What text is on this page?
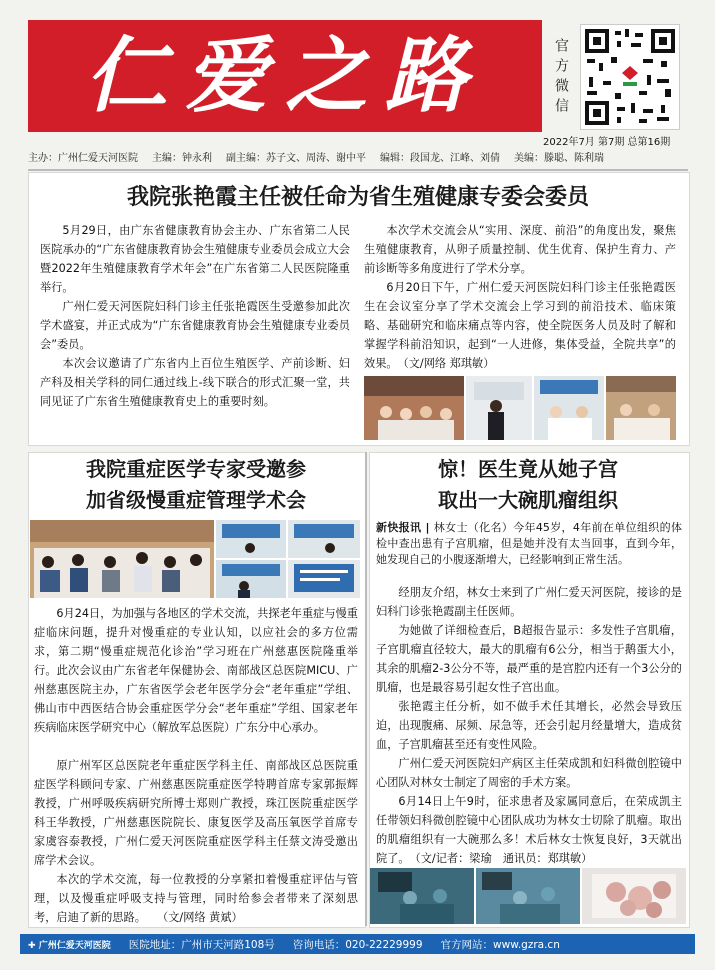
仁爱之路	官方微信
2022年7月 第7期 总第16期
主办：广州仁爱天河医院 主编：钟永利 副主编：苏子文、周涛、谢中平 编辑：段国龙、江峰、刘倩 美编：滕聪、陈利瑞
我院张艳霞主任被任命为省生殖健康专委会委员

5月29日，由广东省健康教育协会主办、广东省第二人民医院承办的“广东省健康教育协会生殖健康专业委员会成立大会暨2022年生殖健康教育学术年会”在广东省第二人民医院隆重举行。

广州仁爱天河医院妇科门诊主任张艳霞医生受邀参加此次学术盛宴，并正式成为“广东省健康教育协会生殖健康专业委员会”委员。

本次会议邀请了广东省内上百位生殖医学、产前诊断、妇产科及相关学科的同仁通过线上-线下联合的形式汇聚一堂，共同见证了广东省生殖健康教育史上的重要时刻。

本次学术交流会从“实用、深度、前沿”的角度出发，聚焦生殖健康教育，从卵子质量控制、优生优育、保护生育力、产前诊断等多角度进行了学术分享。

6月20日下午，广州仁爱天河医院妇科门诊主任张艳霞医生在会议室分享了学术交流会上学习到的前沿技术、临床策略、基础研究和临床痛点等内容，使全院医务人员及时了解和掌握学科前沿知识，起到“一人进修，集体受益，全院共享”的效果。　（文/网络 郑琪敏）

我院重症医学专家受邀参
加省级慢重症管理学术会

6月24日，为加强与各地区的学术交流，共探老年重症与慢重症临床问题，提升对慢重症的专业认知，以应社会的多方位需求，第二期“慢重症规范化诊治”学习班在广州慈惠医院隆重举行。此次会议由广东省老年保健协会、南部战区总医院MICU、广州慈惠医院主办，广东省医学会老年医学分会“老年重症”学组、佛山市中西医结合协会重症医学分会“老年重症”学组、国家老年疾病临床医学研究中心（解放军总医院）广东分中心承办。

原广州军区总医院老年重症医学科主任、南部战区总医院重症医学科顾问专家、广州慈惠医院重症医学特聘首席专家郭振辉教授，广州呼吸疾病研究所博士郑则广教授，珠江医院重症医学科王华教授，广州慈惠医院院长、康复医学及高压氧医学首席专家虞容泰教授，广州仁爱天河医院重症医学科主任蔡文涛受邀出席学术会议。

本次的学术交流，每一位教授的分享紧扣着慢重症评估与管理，以及慢重症呼吸支持与管理，同时给参会者带来了深刻思考，启迪了新的思路。　　（文/网络 黄斌）

惊！医生竟从她子宫
取出一大碗肌瘤组织

新快报讯 | 林女士（化名）今年45岁，4年前在单位组织的体检中查出患有子宫肌瘤，但是她并没有太当回事，直到今年，她发现自己的小腹逐渐增大，已经影响到正常生活。

经朋友介绍，林女士来到了广州仁爱天河医院，接诊的是妇科门诊张艳霞副主任医师。

为她做了详细检查后，B超报告显示：多发性子宫肌瘤，子宫肌瘤直径较大，最大的肌瘤有6公分，相当于鹅蛋大小，其余的肌瘤2-3公分不等，最严重的是宫腔内还有一个3公分的肌瘤，也是最容易引起女性子宫出血。

张艳霞主任分析，如不做手术任其增长，必然会导致压迫，出现腹痛、尿频、尿急等，还会引起月经量增大，造成贫血，子宫肌瘤甚至还有变性风险。

广州仁爱天河医院妇产病区主任荣成凯和妇科微创腔镜中心团队对林女士制定了周密的手术方案。

6月14日上午9时，征求患者及家属同意后，在荣成凯主任带领妇科微创腔镜中心团队成功为林女士切除了肌瘤。取出的肌瘤组织有一大碗那么多！术后林女士恢复良好，3天就出院了。　（文/记者：梁瑜　通讯员：郑琪敏）

✚ 广州仁爱天河医院 医院地址：广州市天河路108号 咨询电话：020-22229999 官方网站：www.gzra.cn
